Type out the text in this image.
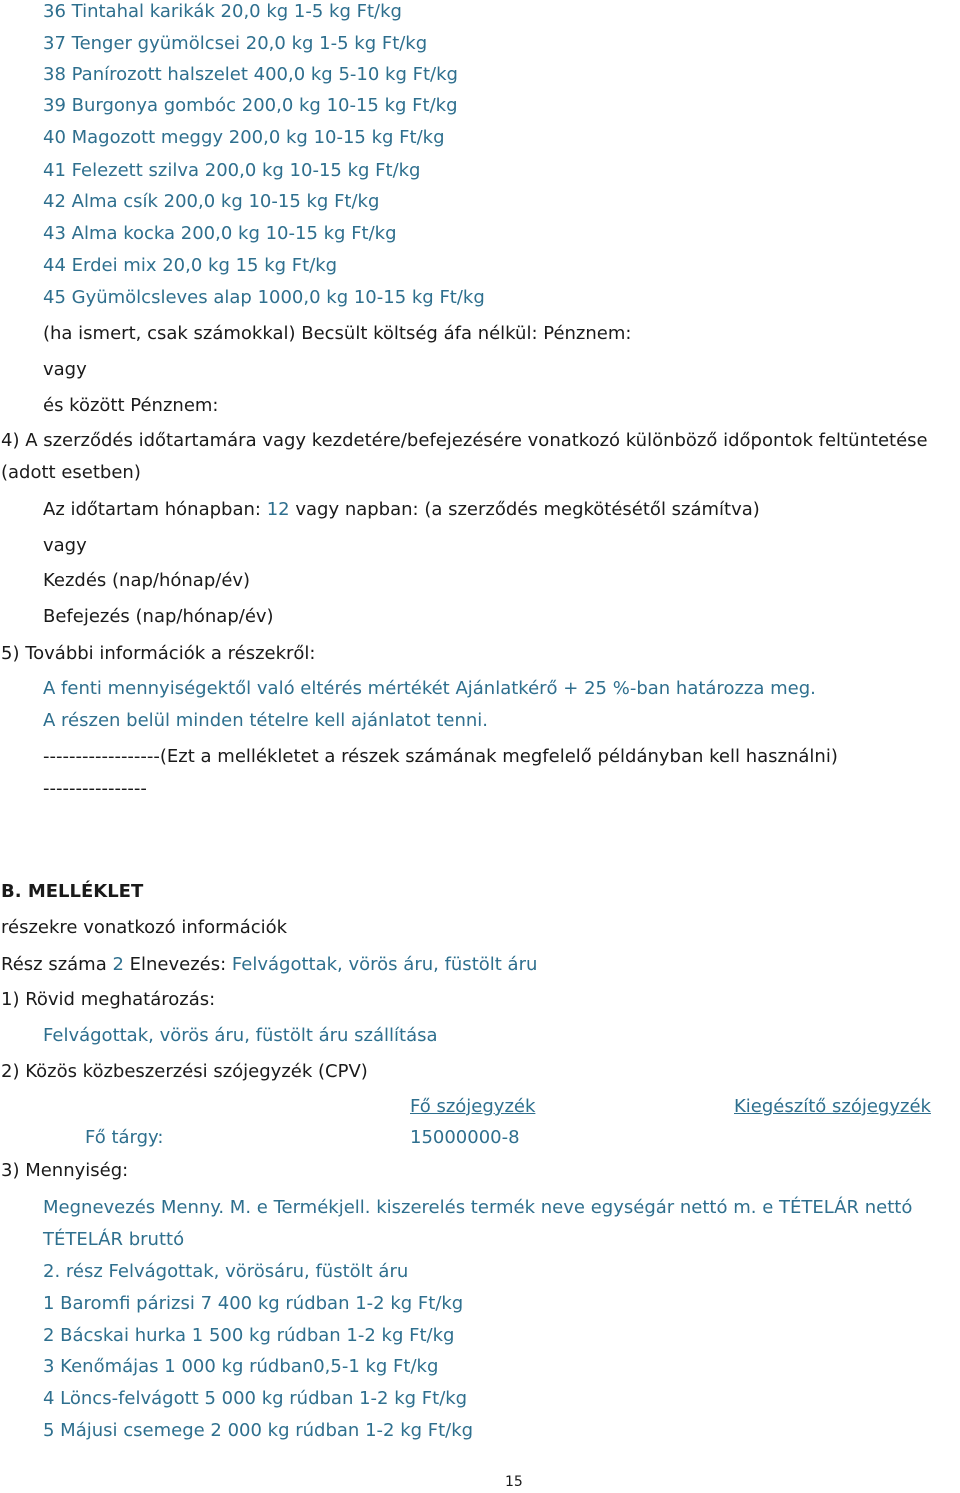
36 Tintahal karikák 20,0 kg 1-5 kg Ft/kg
37 Tenger gyümölcsei 20,0 kg 1-5 kg Ft/kg
38 Panírozott halszelet 400,0 kg 5-10 kg Ft/kg
39 Burgonya gombóc 200,0 kg 10-15 kg Ft/kg
40 Magozott meggy 200,0 kg 10-15 kg Ft/kg
41 Felezett szilva 200,0 kg 10-15 kg Ft/kg
42 Alma csík 200,0 kg 10-15 kg Ft/kg
43 Alma kocka 200,0 kg 10-15 kg Ft/kg
44 Erdei mix 20,0 kg 15 kg Ft/kg
45 Gyümölcsleves alap 1000,0 kg 10-15 kg Ft/kg
(ha ismert, csak számokkal) Becsült költség áfa nélkül: Pénznem:
vagy
és között Pénznem:
4) A szerződés időtartamára vagy kezdetére/befejezésére vonatkozó különböző időpontok feltüntetése
(adott esetben)
Az időtartam hónapban: 12 vagy napban: (a szerződés megkötésétől számítva)
vagy
Kezdés (nap/hónap/év)
Befejezés (nap/hónap/év)
5) További információk a részekről:
A fenti mennyiségektől való eltérés mértékét Ajánlatkérő + 25 %-ban határozza meg.
A részen belül minden tételre kell ajánlatot tenni.
------------------(Ezt a mellékletet a részek számának megfelelő példányban kell használni)
----------------
B. MELLÉKLET
részekre vonatkozó információk
Rész száma 2 Elnevezés: Felvágottak, vörös áru, füstölt áru
1) Rövid meghatározás:
Felvágottak, vörös áru, füstölt áru szállítása
2) Közös közbeszerzési szójegyzék (CPV)
Fő szójegyzék	Kiegészítő szójegyzék
Fő tárgy:	15000000-8
3) Mennyiség:
Megnevezés Menny. M. e Termékjell. kiszerelés termék neve egységár nettó m. e TÉTELÁR nettó
TÉTELÁR bruttó
2. rész Felvágottak, vörösáru, füstölt áru
1 Baromfi párizsi 7 400 kg rúdban 1-2 kg Ft/kg
2 Bácskai hurka 1 500 kg rúdban 1-2 kg Ft/kg
3 Kenőmájas 1 000 kg rúdban0,5-1 kg Ft/kg
4 Löncs-felvágott 5 000 kg rúdban 1-2 kg Ft/kg
5 Májusi csemege 2 000 kg rúdban 1-2 kg Ft/kg
15
